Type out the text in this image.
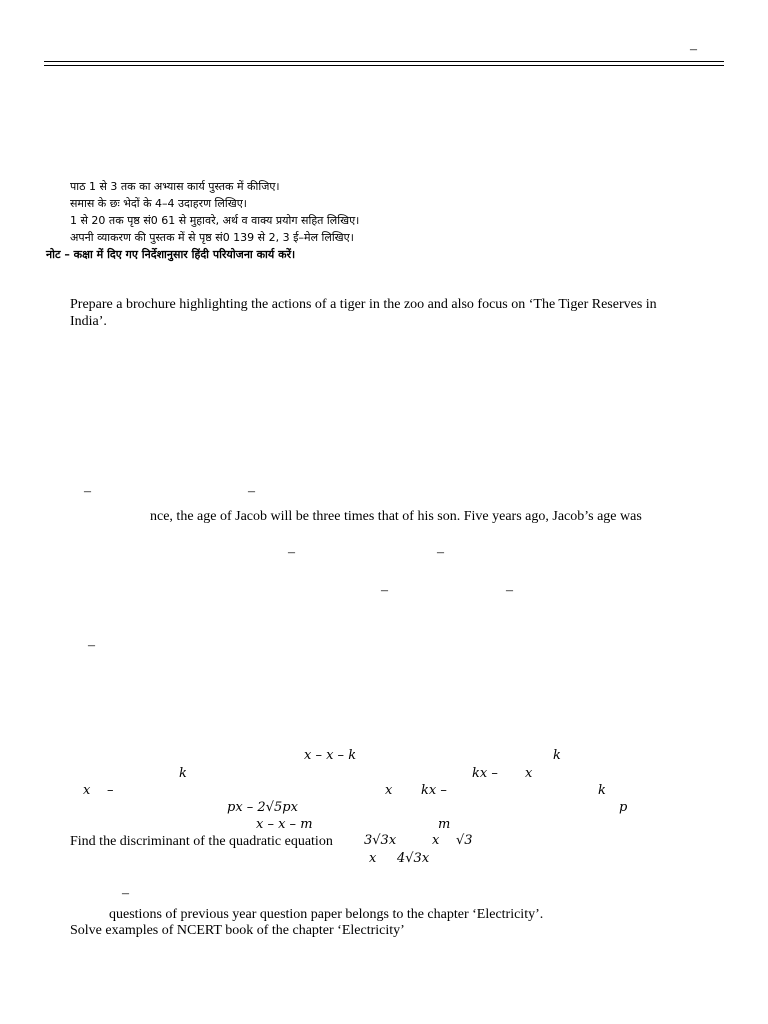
–
पाठ 1 से 3 तक का अभ्यास कार्य पुस्तक में कीजिए।
समास के छः भेदों के 4–4 उदाहरण लिखिए।
1 से 20 तक पृष्ठ सं0 61 से मुहावरे, अर्थ व वाक्य प्रयोग सहित लिखिए।
अपनी व्याकरण की पुस्तक में से पृष्ठ सं0 139 से 2, 3 ई–मेल लिखिए।
नोट – कक्षा में दिए गए निर्देशानुसार हिंदी परियोजना कार्य करें।
Prepare a brochure highlighting the actions of a tiger in the zoo and also focus on ‘The Tiger Reserves in
India’.
–	–
nce, the age of Jacob will be three times that of his son. Five years ago, Jacob’s age was
–	–
–	–
–
x – x – k	k
k	kx – x
x –	x kx –	k
px – 2√5px	p
x – x – m	m
Find the discriminant of the quadratic equation 3√3x	x √3
x 4√3x
–
questions of previous year question paper belongs to the chapter ‘Electricity’.
Solve examples of NCERT book of the chapter ‘Electricity’
